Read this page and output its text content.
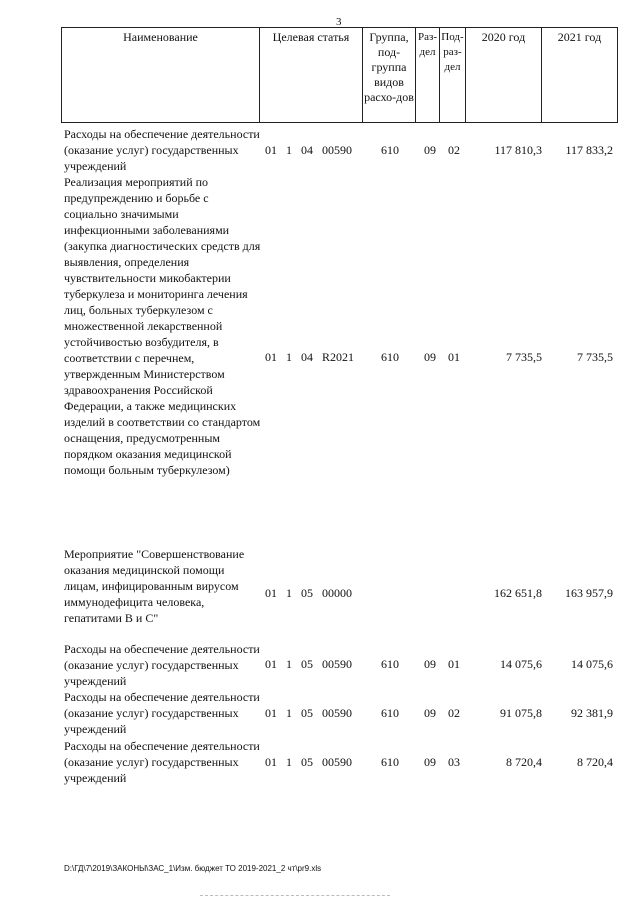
3
Наименование	Целевая статья	Группа, под-группа видов расхо-дов	Раз-дел	Под-раз-дел	2020 год	2021 год
Расходы на обеспечение деятельности (оказание услуг) государственных учреждений
01 1 04 00590 610 09 02	117 810,3	117 833,2
Реализация мероприятий по предупреждению и борьбе с социально значимыми инфекционными заболеваниями (закупка диагностических средств для выявления, определения чувствительности микобактерии туберкулеза и мониторинга лечения лиц, больных туберкулезом с множественной лекарственной устойчивостью возбудителя, в соответствии с перечнем, утвержденным Министерством здравоохранения Российской Федерации, а также медицинских изделий в соответствии со стандартом оснащения, предусмотренным порядком оказания медицинской помощи больным туберкулезом)
01 1 04 R2021 610 09 01	7 735,5	7 735,5
Мероприятие "Совершенствование оказания медицинской помощи лицам, инфицированным вирусом иммунодефицита человека, гепатитами В и С"
01 1 05 00000	162 651,8	163 957,9
Расходы на обеспечение деятельности (оказание услуг) государственных учреждений
01 1 05 00590 610 09 01	14 075,6	14 075,6
Расходы на обеспечение деятельности (оказание услуг) государственных учреждений
01 1 05 00590 610 09 02	91 075,8	92 381,9
Расходы на обеспечение деятельности (оказание услуг) государственных учреждений
01 1 05 00590 610 09 03	8 720,4	8 720,4
D:\ГД\7\2019\ЗАКОНЫ\ЗАС_1\Изм. бюджет ТО 2019-2021_2 чт\pr9.xls
